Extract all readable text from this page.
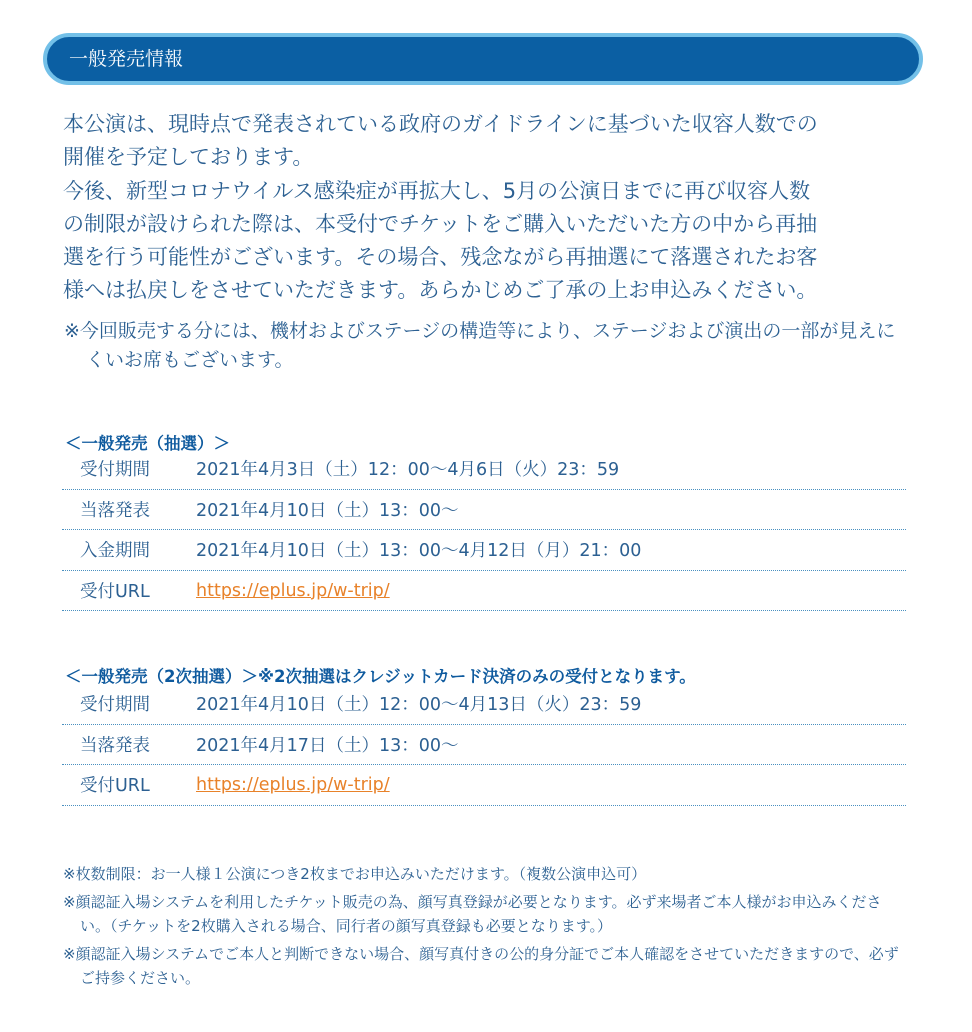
一般発売情報

本公演は、現時点で発表されている政府のガイドラインに基づいた収容人数での

開催を予定しております。

今後、新型コロナウイルス感染症が再拡大し、5月の公演日までに再び収容人数

の制限が設けられた際は、本受付でチケットをご購入いただいた方の中から再抽

選を行う可能性がございます。その場合、残念ながら再抽選にて落選されたお客

様へは払戻しをさせていただきます。あらかじめご了承の上お申込みください。

※今回販売する分には、機材およびステージの構造等により、ステージおよび演出の一部が見えにくいお席もございます。
＜一般発売（抽選）＞
受付期間	2021年4月3日（土）12：00〜4月6日（火）23：59
当落発表	2021年4月10日（土）13：00〜
入金期間	2021年4月10日（土）13：00〜4月12日（月）21：00
受付URL	https://eplus.jp/w-trip/
＜一般発売（2次抽選）＞※2次抽選はクレジットカード決済のみの受付となります。
受付期間	2021年4月10日（土）12：00〜4月13日（火）23：59
当落発表	2021年4月17日（土）13：00〜
受付URL	https://eplus.jp/w-trip/
※枚数制限：お一人様１公演につき2枚までお申込みいただけます。（複数公演申込可）
※顔認証入場システムを利用したチケット販売の為、顔写真登録が必要となります。必ず来場者ご本人様がお申込みください。（チケットを2枚購入される場合、同行者の顔写真登録も必要となります。）
※顔認証入場システムでご本人と判断できない場合、顔写真付きの公的身分証でご本人確認をさせていただきますので、必ずご持参ください。
